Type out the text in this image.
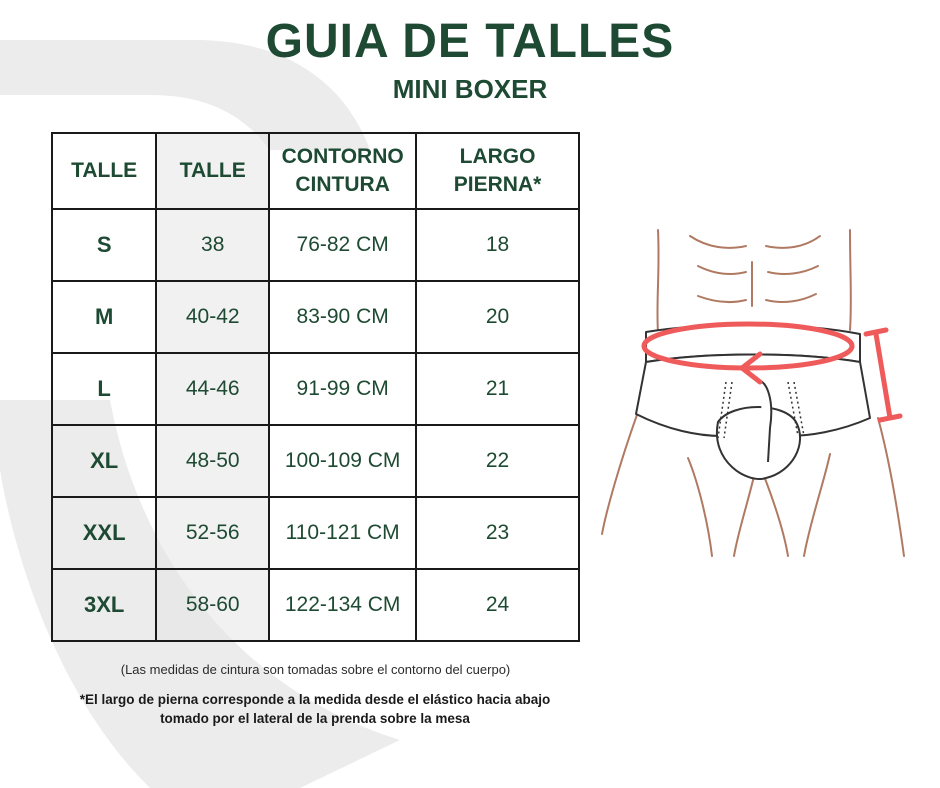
GUIA DE TALLES
MINI BOXER
TALLE	TALLE	CONTORNO CINTURA	LARGO PIERNA*
S	38	76-82 CM	18
M	40-42	83-90 CM	20
L	44-46	91-99 CM	21
XL	48-50	100-109 CM	22
XXL	52-56	110-121 CM	23
3XL	58-60	122-134 CM	24

(Las medidas de cintura son tomadas sobre el contorno del cuerpo)

*El largo de pierna corresponde a la medida desde el elástico hacia abajo
tomado por el lateral de la prenda sobre la mesa
